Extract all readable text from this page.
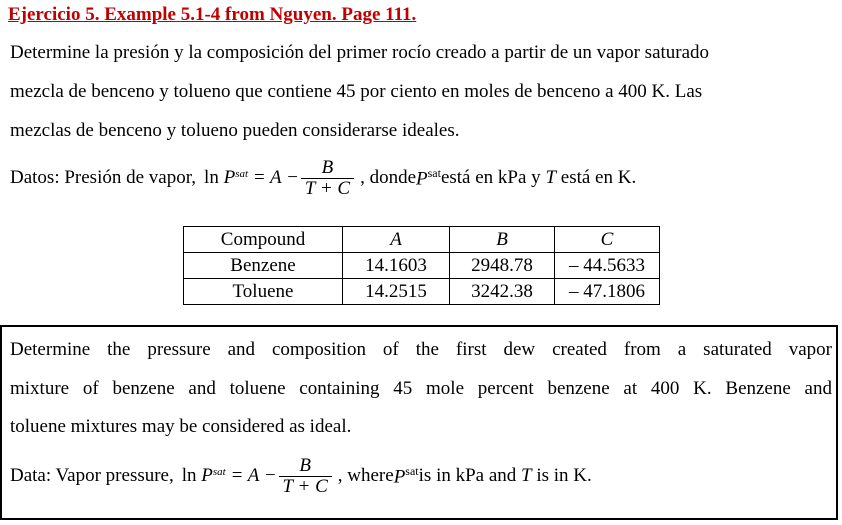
Ejercicio 5. Example 5.1-4 from Nguyen. Page 111.
Determine la presión y la composición del primer rocío creado a partir de un vapor saturado
mezcla de benceno y tolueno que contiene 45 por ciento en moles de benceno a 400 K. Las
mezclas de benceno y tolueno pueden considerarse ideales.
Datos: Presión de vapor, ln
$P^{sat}$
= $A - \frac{B}{T + C}$ , donde $P^{sat}$ está en kPa y
T
está en K.
Compound	A	B	C
Benzene	14.1603	2948.78	– 44.5633
Toluene	14.2515	3242.38	– 47.1806
Determine the pressure and composition of the first dew created from a saturated vapor
mixture of benzene and toluene containing 45 mole percent benzene at 400 K. Benzene and
toluene mixtures may be considered as ideal.
Data: Vapor pressure, ln
$P^{sat}$
= $A - \frac{B}{T + C}$ , where $P^{sat}$ is in kPa and
T
is in K.
